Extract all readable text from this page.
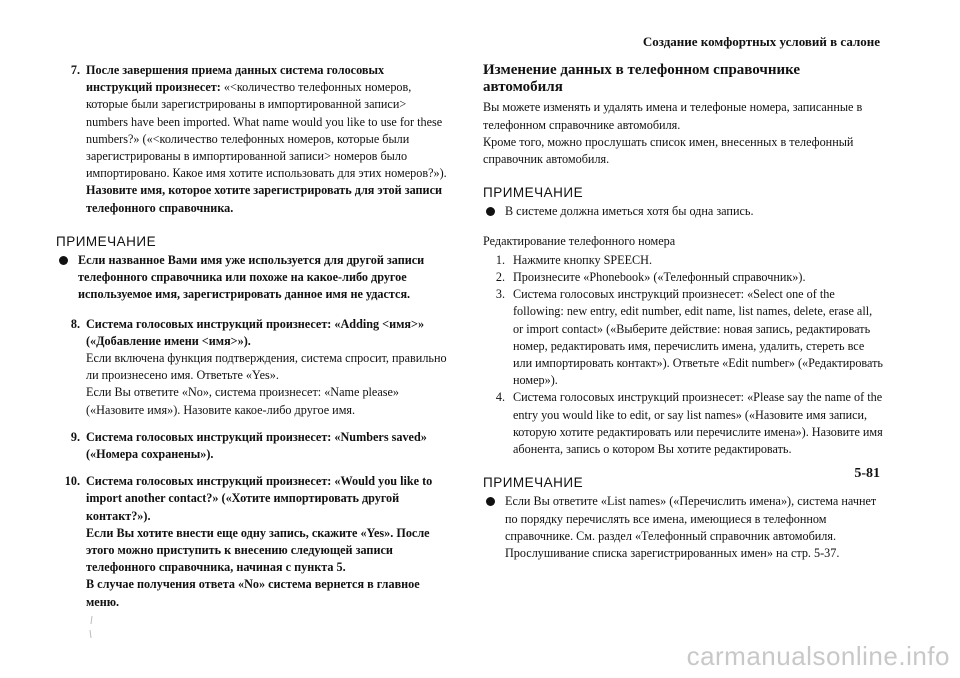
Создание комфортных условий в салоне
7. После завершения приема данных система голосовых инструкций произнесет: «<количество телефонных номеров, которые были зарегистрированы в импортированной записи> numbers have been imported. What name would you like to use for these numbers?» («<количество телефонных номеров, которые были зарегистрированы в импортированной записи> номеров было импортировано. Какое имя хотите использовать для этих номеров?»).

Назовите имя, которое хотите зарегистрировать для этой записи телефонного справочника.

ПРИМЕЧАНИЕ

Если названное Вами имя уже используется для другой записи телефонного справочника или похоже на какое-либо другое используемое имя, зарегистрировать данное имя не удастся.

8. Система голосовых инструкций произнесет: «Adding <имя>» («Добавление имени <имя>»).

Если включена функция подтверждения, система спросит, правильно ли произнесено имя. Ответьте «Yes».

Если Вы ответите «No», система произнесет: «Name please» («Назовите имя»). Назовите какое-либо другое имя.

9. Система голосовых инструкций произнесет: «Numbers saved» («Номера сохранены»).

10. Система голосовых инструкций произнесет: «Would you like to import another contact?» («Хотите импортировать другой контакт?»).

Если Вы хотите внести еще одну запись, скажите «Yes». После этого можно приступить к внесению следующей записи телефонного справочника, начиная с пункта 5.

В случае получения ответа «No» система вернется в главное меню.

Изменение данных в телефонном справочнике автомобиля

Вы можете изменять и удалять имена и телефоные номера, записанные в телефонном справочнике автомобиля.

Кроме того, можно прослушать список имен, внесенных в телефонный справочник автомобиля.

ПРИМЕЧАНИЕ

В системе должна иметься хотя бы одна запись.

Редактирование телефонного номера
1. Нажмите кнопку SPEECH.

2. Произнесите «Phonebook» («Телефонный справочник»).

3. Система голосовых инструкций произнесет: «Select one of the following: new entry, edit number, edit name, list names, delete, erase all, or import contact» («Выберите действие: новая запись, редактировать номер, редактировать имя, перечислить имена, удалить, стереть все или импортировать контакт»). Ответьте «Edit number» («Редактировать номер»).

4. Система голосовых инструкций произнесет: «Please say the name of the entry you would like to edit, or say list names» («Назовите имя записи, которую хотите редактировать или перечислите имена»). Назовите имя абонента, запись о котором Вы хотите редактировать.

ПРИМЕЧАНИЕ

Если Вы ответите «List names» («Перечислить имена»), система начнет по порядку перечислять все имена, имеющиеся в телефонном справочнике. См. раздел «Телефонный справочник автомобиля. Прослушивание списка зарегистрированных имен» на стр. 5-37.

5-81
carmanualsonline.info
